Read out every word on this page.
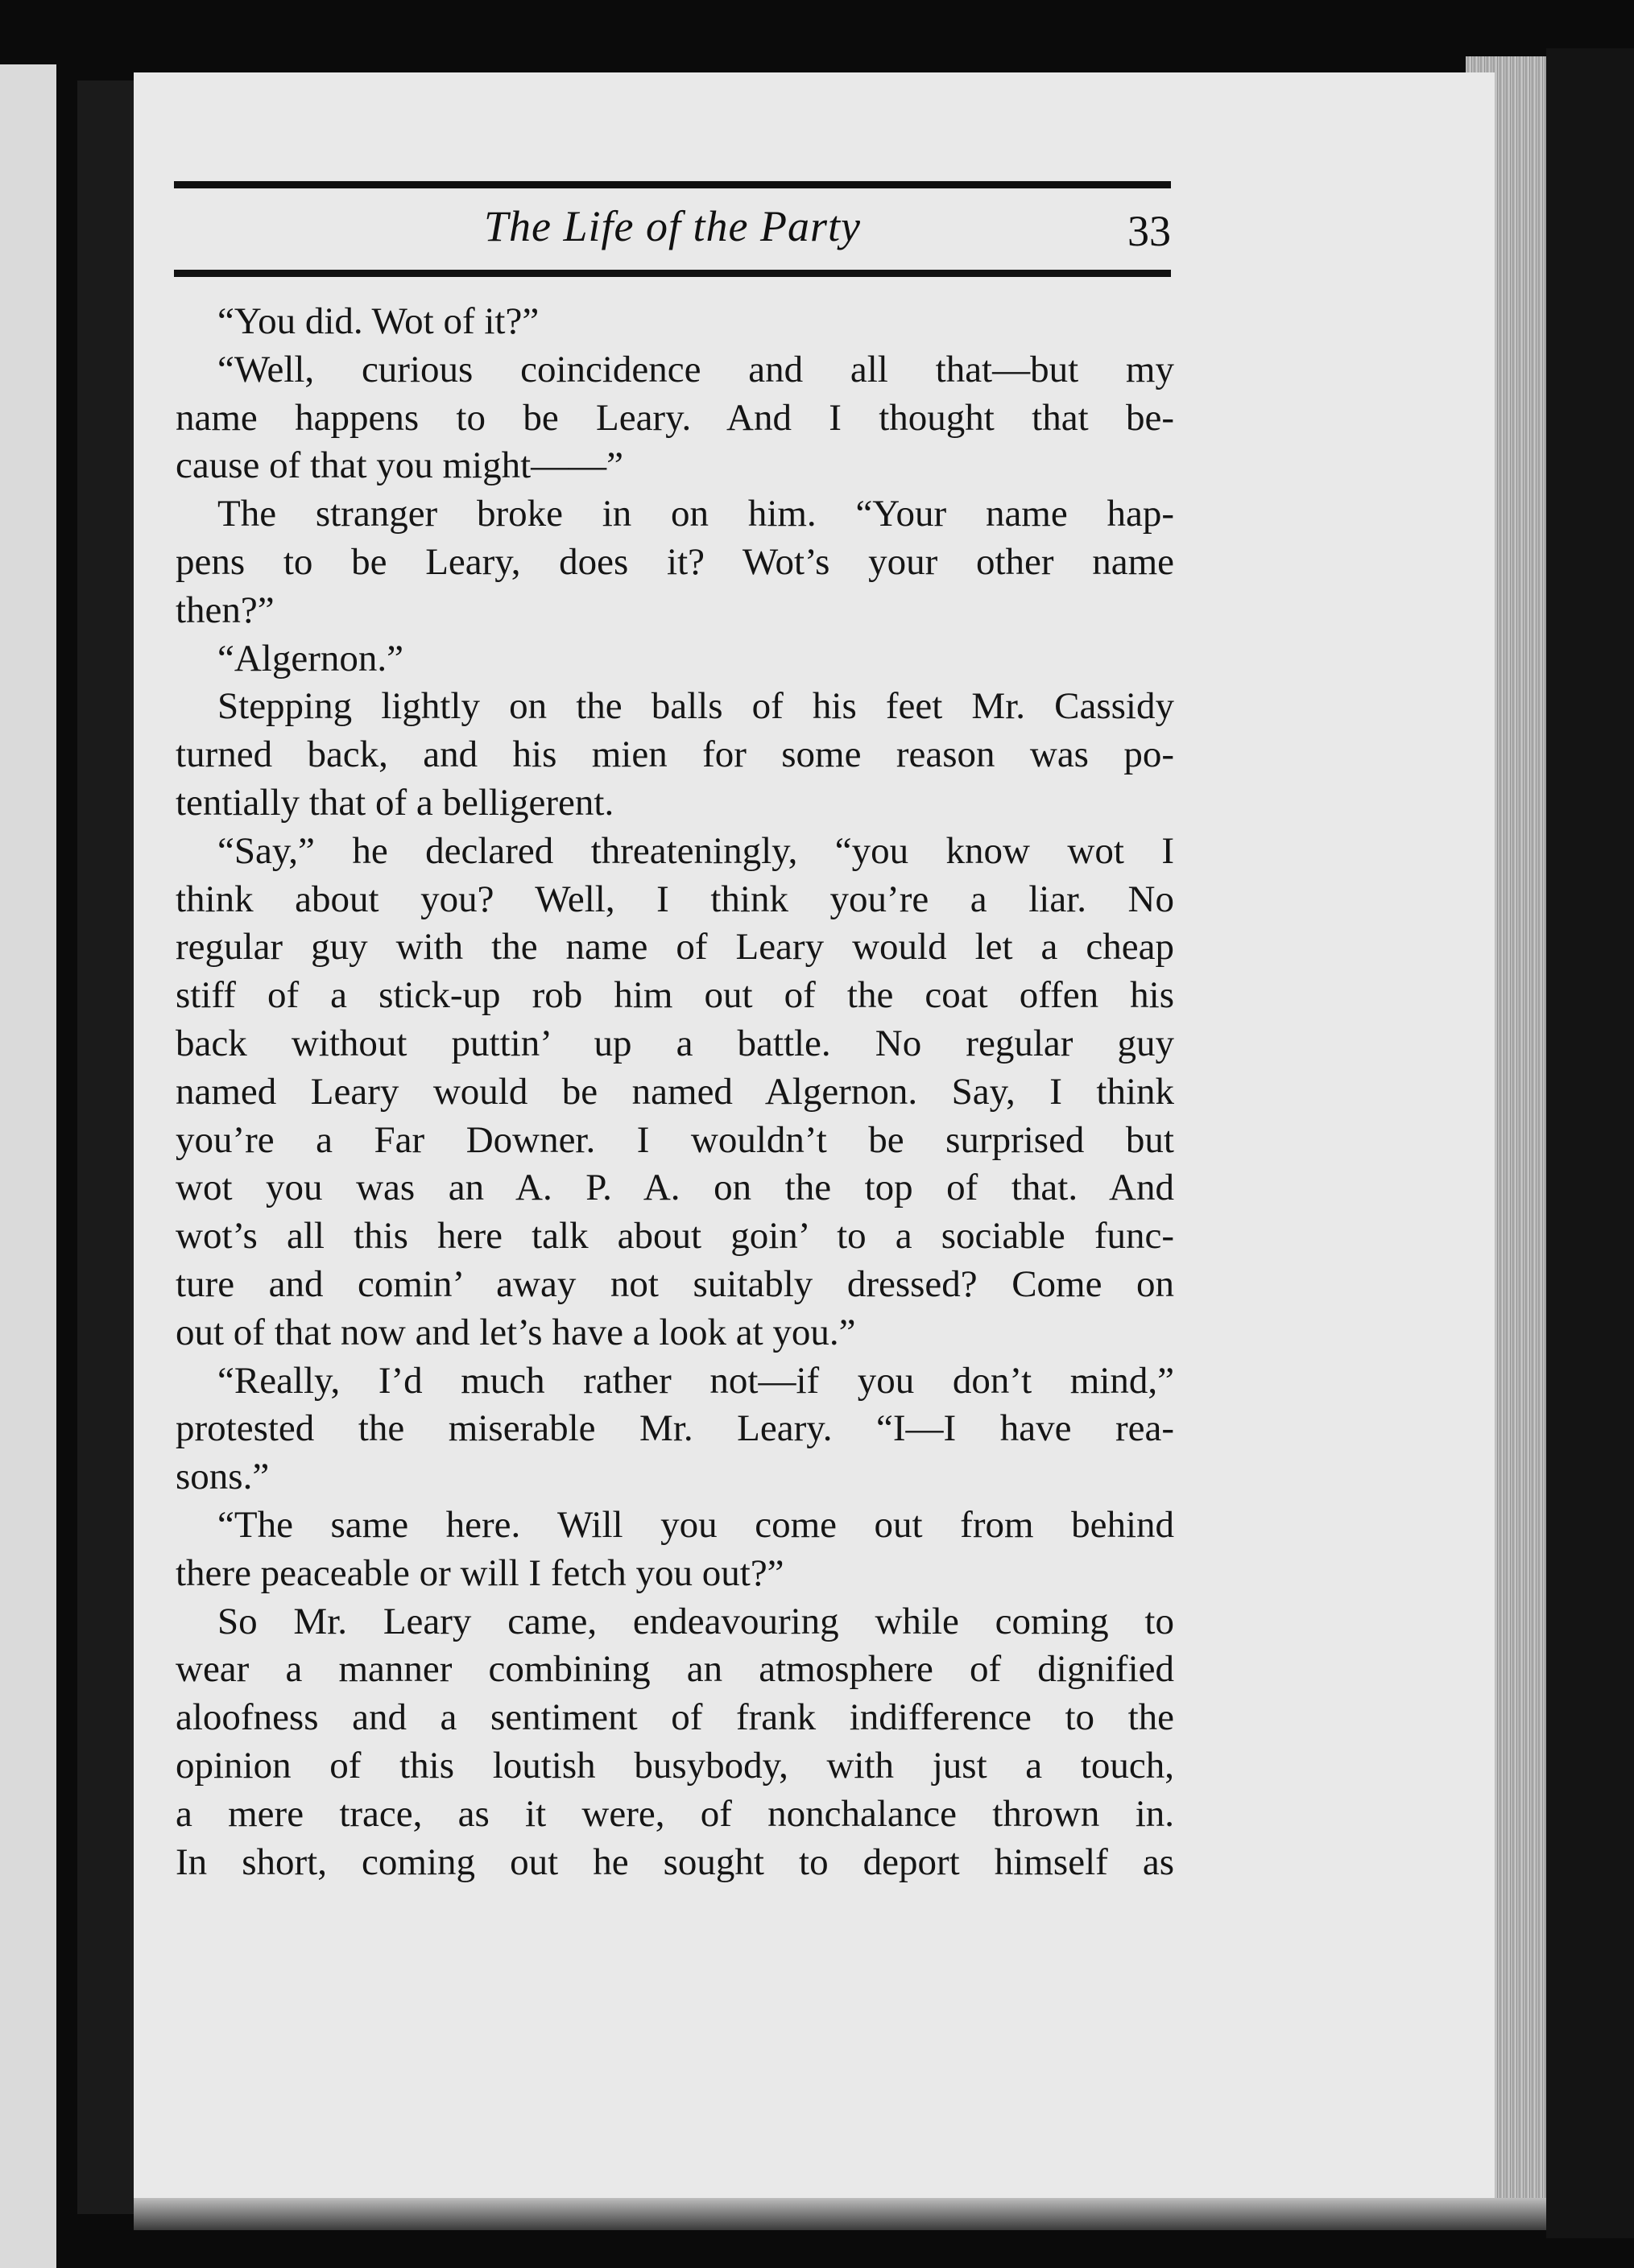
The Life of the Party	33
“You did. Wot of it?”
“Well, curious coincidence and all that—but my
name happens to be Leary. And I thought that be-
cause of that you might——”
The stranger broke in on him. “Your name hap-
pens to be Leary, does it? Wot’s your other name
then?”
“Algernon.”
Stepping lightly on the balls of his feet Mr. Cassidy
turned back, and his mien for some reason was po-
tentially that of a belligerent.
“Say,” he declared threateningly, “you know wot I
think about you? Well, I think you’re a liar. No
regular guy with the name of Leary would let a cheap
stiff of a stick-up rob him out of the coat offen his
back without puttin’ up a battle. No regular guy
named Leary would be named Algernon. Say, I think
you’re a Far Downer. I wouldn’t be surprised but
wot you was an A. P. A. on the top of that. And
wot’s all this here talk about goin’ to a sociable func-
ture and comin’ away not suitably dressed? Come on
out of that now and let’s have a look at you.”
“Really, I’d much rather not—if you don’t mind,”
protested the miserable Mr. Leary. “I—I have rea-
sons.”
“The same here. Will you come out from behind
there peaceable or will I fetch you out?”
So Mr. Leary came, endeavouring while coming to
wear a manner combining an atmosphere of dignified
aloofness and a sentiment of frank indifference to the
opinion of this loutish busybody, with just a touch,
a mere trace, as it were, of nonchalance thrown in.
In short, coming out he sought to deport himself as
